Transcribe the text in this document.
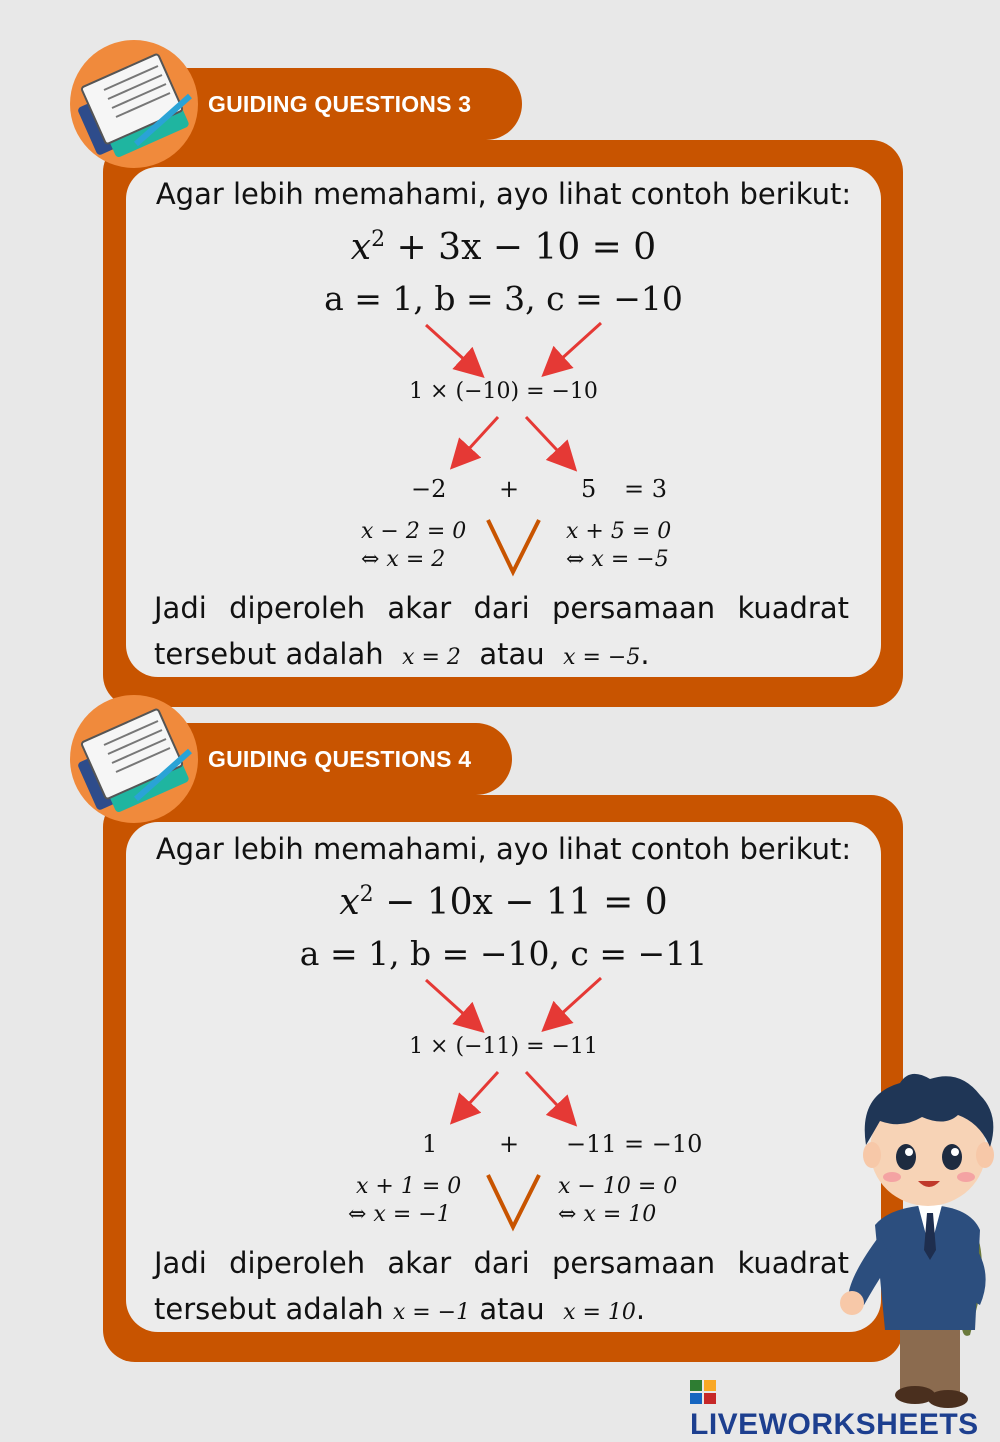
Agar lebih memahami, ayo lihat contoh berikut:
$x^2 + 3x - 10 = 0$
a = 1, b = 3, c = −10
1 × (−10) = −10
−2 +	5 = 3
x − 2 = 0
⇔ x = 2
x + 5 = 0
⇔ x = −5
Jadi diperoleh akar dari persamaan kuadrat
tersebut adalah x = 2 atau x = −5.
GUIDING QUESTIONS 3
Agar lebih memahami, ayo lihat contoh berikut:
$x^2 - 10x - 11 = 0$
a = 1, b = −10, c = −11
1 × (−11) = −11
1	+ −11 = −10
x + 1 = 0
⇔ x = −1
x − 10 = 0
⇔ x = 10
Jadi diperoleh akar dari persamaan kuadrat
tersebut adalah x = −1 atau x = 10.
GUIDING QUESTIONS 4
LIVEWORKSHEETS
